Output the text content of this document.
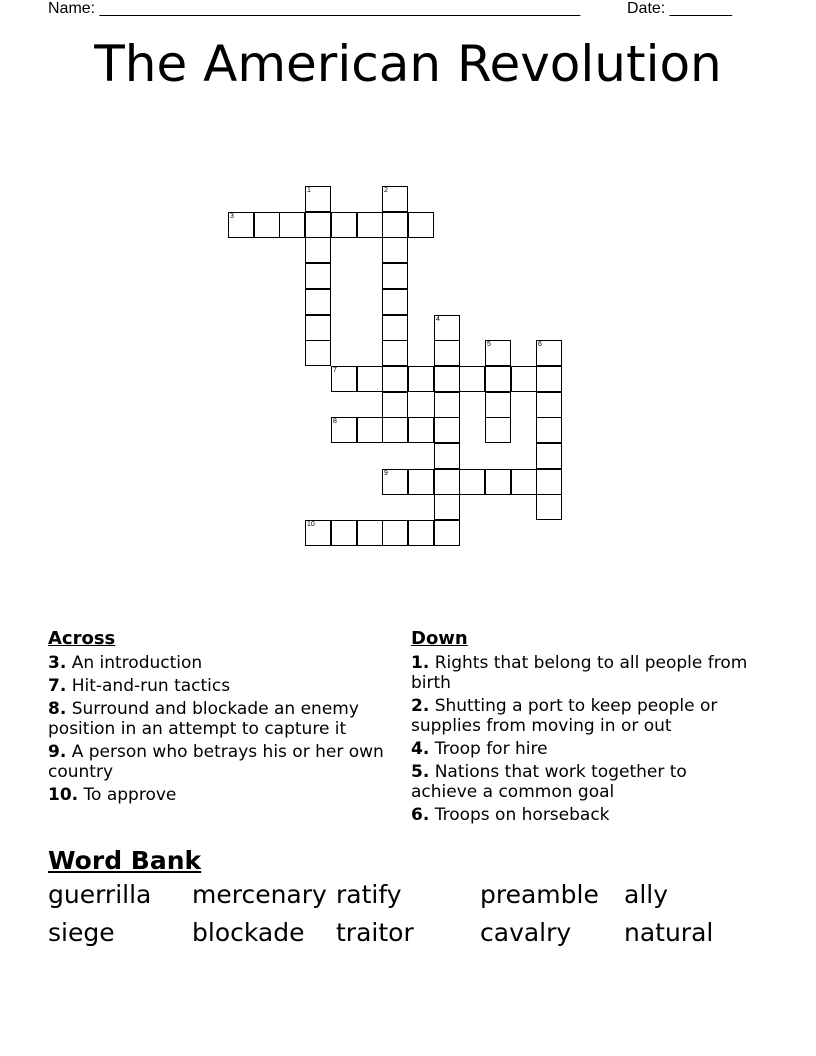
Name: ______________________________________________________	Date: _______
The American Revolution
3
7
8
9
10
1	2
4
5	6
Across
3. An introduction
7. Hit-and-run tactics
8. Surround and blockade an enemy position in an attempt to capture it
9. A person who betrays his or her own country
10. To approve
Down
1. Rights that belong to all people from birth
2. Shutting a port to keep people or supplies from moving in or out
4. Troop for hire
5. Nations that work together to achieve a common goal
6. Troops on horseback
Word Bank
guerrilla	mercenary ratify	preamble	ally
siege	blockade	traitor	cavalry	natural
